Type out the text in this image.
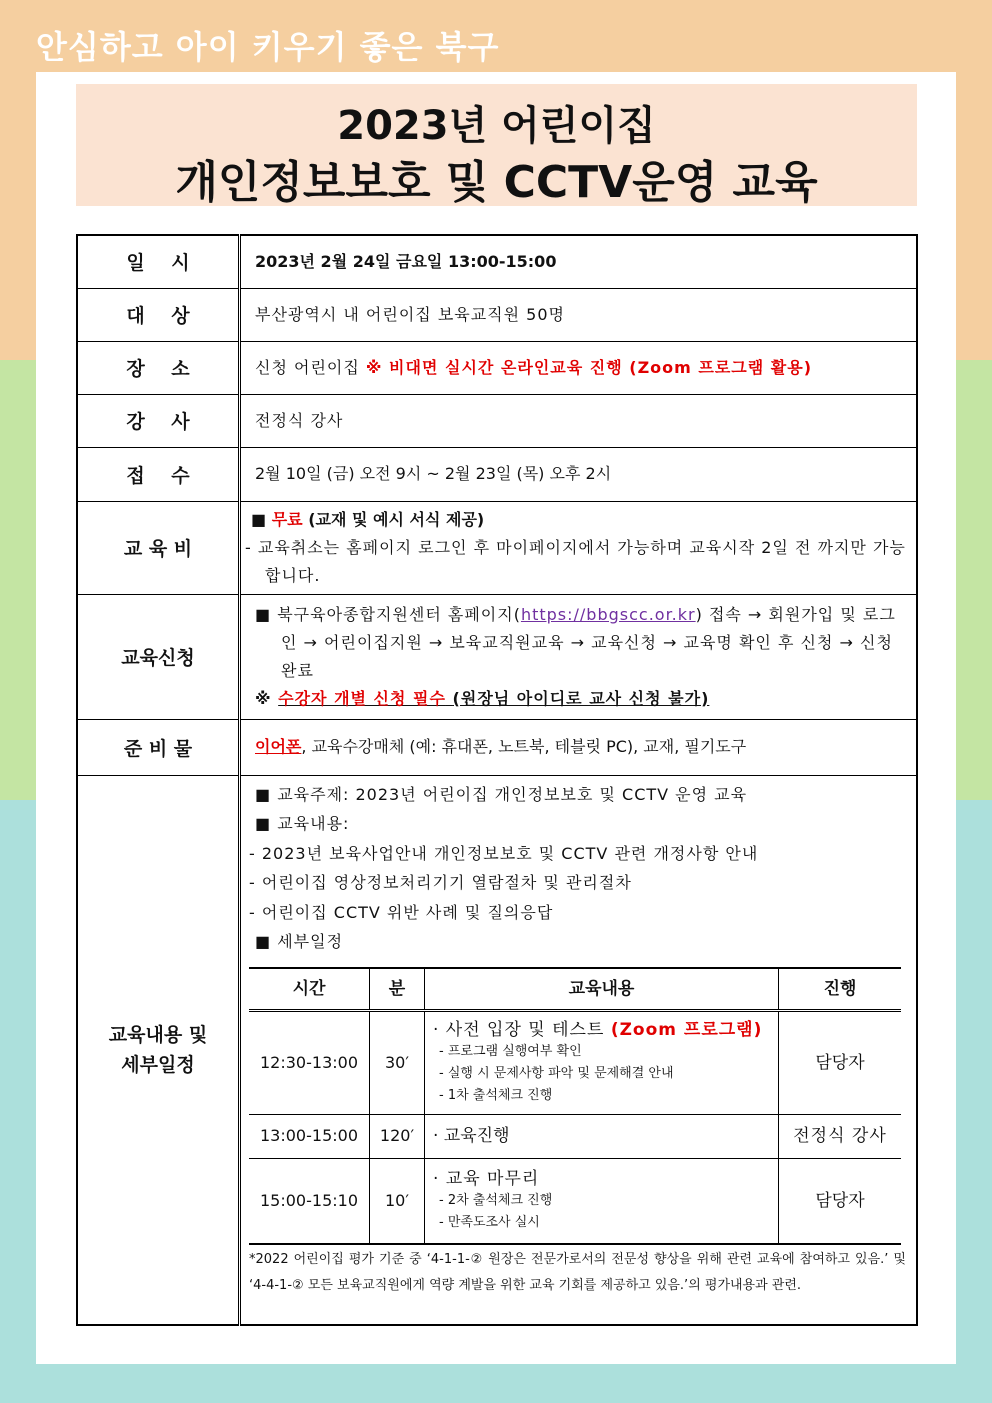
안심하고 아이 키우기 좋은 북구
2023년 어린이집
개인정보보호 및 CCTV운영 교육
일    시	2023년 2월 24일 금요일 13:00-15:00
대    상	부산광역시 내 어린이집 보육교직원 50명
장    소	신청 어린이집 ※ 비대면 실시간 온라인교육 진행 (Zoom 프로그램 활용)
강    사	전정식 강사
접    수	2월 10일 (금) 오전 9시 ~ 2월 23일 (목) 오후 2시
교 육 비	
■ 무료 (교재 및 예시 서식 제공)
- 교육취소는 홈페이지 로그인 후 마이페이지에서 가능하며 교육시작 2일 전 까지만 가능합니다.

교육신청	
■ 북구육아종합지원센터 홈페이지(https://bbgscc.or.kr) 접속 → 회원가입 및 로그인 → 어린이집지원 → 보육교직원교육 → 교육신청 → 교육명 확인 후 신청 → 신청완료
※ 수강자 개별 신청 필수 (원장님 아이디로 교사 신청 불가)

준 비 물	이어폰, 교육수강매체 (예: 휴대폰, 노트북, 테블릿 PC), 교재, 필기도구

교육내용 및
세부일정

■ 교육주제: 2023년 어린이집 개인정보보호 및 CCTV 운영 교육
■ 교육내용:
- 2023년 보육사업안내 개인정보보호 및 CCTV 관련 개정사항 안내
- 어린이집 영상정보처리기기 열람절차 및 관리절차
- 어린이집 CCTV 위반 사례 및 질의응답
■ 세부일정
시간	분	교육내용	진행
12:30-13:00	30′	
· 사전 입장 및 테스트 (Zoom 프로그램)
- 프로그램 실행여부 확인
- 실행 시 문제사항 파악 및 문제해결 안내
- 1차 출석체크 진행
	담당자
13:00-15:00	120′	· 교육진행	전정식 강사
15:00-15:10	10′	
· 교육 마무리
- 2차 출석체크 진행
- 만족도조사 실시
	담당자
*2022 어린이집 평가 기준 중 ‘4-1-1-② 원장은 전문가로서의 전문성 향상을 위해 관련 교육에 참여하고 있음.’ 및 ‘4-4-1-② 모든 보육교직원에게 역량 계발을 위한 교육 기회를 제공하고 있음.’의 평가내용과 관련.
